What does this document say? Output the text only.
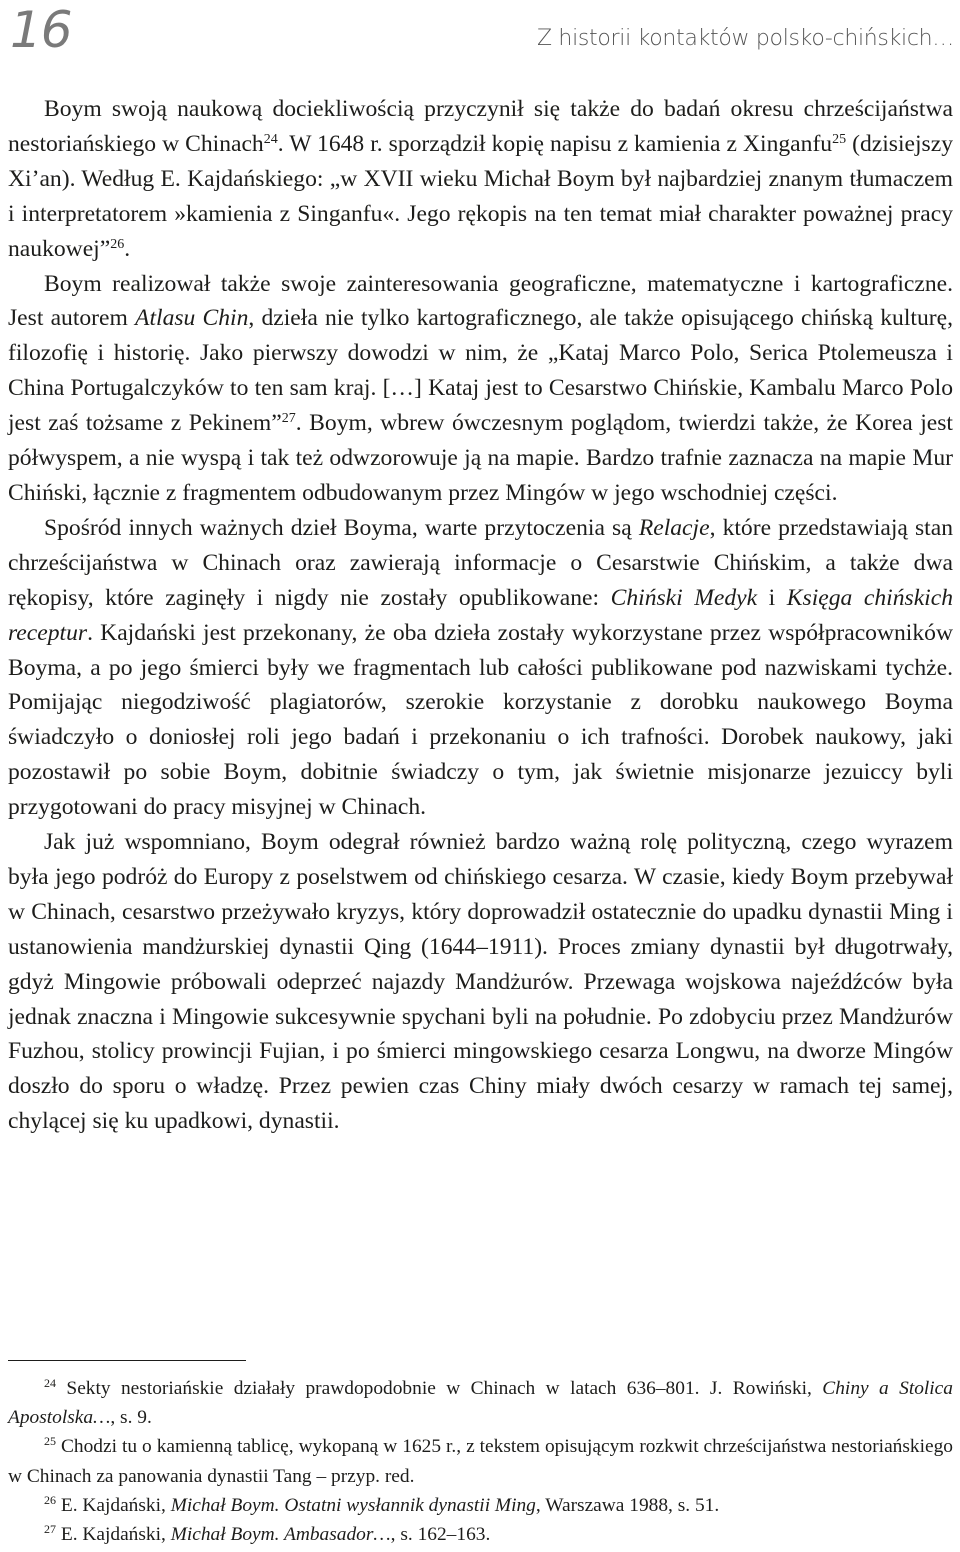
16	Z historii kontaktów polsko-chińskich…

Boym swoją naukową dociekliwością przyczynił się także do badań okresu chrześcijaństwa nestoriańskiego w Chinach$^{24}$. W 1648 r. sporządził kopię napisu z kamienia z Xinganfu$^{25}$ (dzisiejszy Xi’an). Według E. Kajdańskiego: „w XVII wieku Michał Boym był najbardziej znanym tłumaczem i interpretatorem »kamienia z Singanfu«. Jego rękopis na ten temat miał charakter poważnej pracy naukowej”$^{26}$.

Boym realizował także swoje zainteresowania geograficzne, matematyczne i kartograficzne. Jest autorem Atlasu Chin, dzieła nie tylko kartograficznego, ale także opisującego chińską kulturę, filozofię i historię. Jako pierwszy dowodzi w nim, że „Kataj Marco Polo, Serica Ptolemeusza i China Portugalczyków to ten sam kraj. […] Kataj jest to Cesarstwo Chińskie, Kambalu Marco Polo jest zaś tożsame z Pekinem”$^{27}$. Boym, wbrew ówczesnym poglądom, twierdzi także, że Korea jest półwyspem, a nie wyspą i tak też odwzorowuje ją na mapie. Bardzo trafnie zaznacza na mapie Mur Chiński, łącznie z fragmentem odbudowanym przez Mingów w jego wschodniej części.

Spośród innych ważnych dzieł Boyma, warte przytoczenia są Relacje, które przedstawiają stan chrześcijaństwa w Chinach oraz zawierają informacje o Cesarstwie Chińskim, a także dwa rękopisy, które zaginęły i nigdy nie zostały opublikowane: Chiński Medyk i Księga chińskich receptur. Kajdański jest przekonany, że oba dzieła zostały wykorzystane przez współpracowników Boyma, a po jego śmierci były we fragmentach lub całości publikowane pod nazwiskami tychże. Pomijając niegodziwość plagiatorów, szerokie korzystanie z dorobku naukowego Boyma świadczyło o doniosłej roli jego badań i przekonaniu o ich trafności. Dorobek naukowy, jaki pozostawił po sobie Boym, dobitnie świadczy o tym, jak świetnie misjonarze jezuiccy byli przygotowani do pracy misyjnej w Chinach.

Jak już wspomniano, Boym odegrał również bardzo ważną rolę polityczną, czego wyrazem była jego podróż do Europy z poselstwem od chińskiego cesarza. W czasie, kiedy Boym przebywał w Chinach, cesarstwo przeżywało kryzys, który doprowadził ostatecznie do upadku dynastii Ming i ustanowienia mandżurskiej dynastii Qing (1644–1911). Proces zmiany dynastii był długotrwały, gdyż Mingowie próbowali odeprzeć najazdy Mandżurów. Przewaga wojskowa najeźdźców była jednak znaczna i Mingowie sukcesywnie spychani byli na południe. Po zdobyciu przez Mandżurów Fuzhou, stolicy prowincji Fujian, i po śmierci mingowskiego cesarza Longwu, na dworze Mingów doszło do sporu o władzę. Przez pewien czas Chiny miały dwóch cesarzy w ramach tej samej, chylącej się ku upadkowi, dynastii.

$^{24}$ Sekty nestoriańskie działały prawdopodobnie w Chinach w latach 636–801. J. Rowiński, Chiny a Stolica Apostolska…, s. 9.

$^{25}$ Chodzi tu o kamienną tablicę, wykopaną w 1625 r., z tekstem opisującym rozkwit chrześcijaństwa nestoriańskiego w Chinach za panowania dynastii Tang – przyp. red.

$^{26}$ E. Kajdański, Michał Boym. Ostatni wysłannik dynastii Ming, Warszawa 1988, s. 51.

$^{27}$ E. Kajdański, Michał Boym. Ambasador…, s. 162–163.
